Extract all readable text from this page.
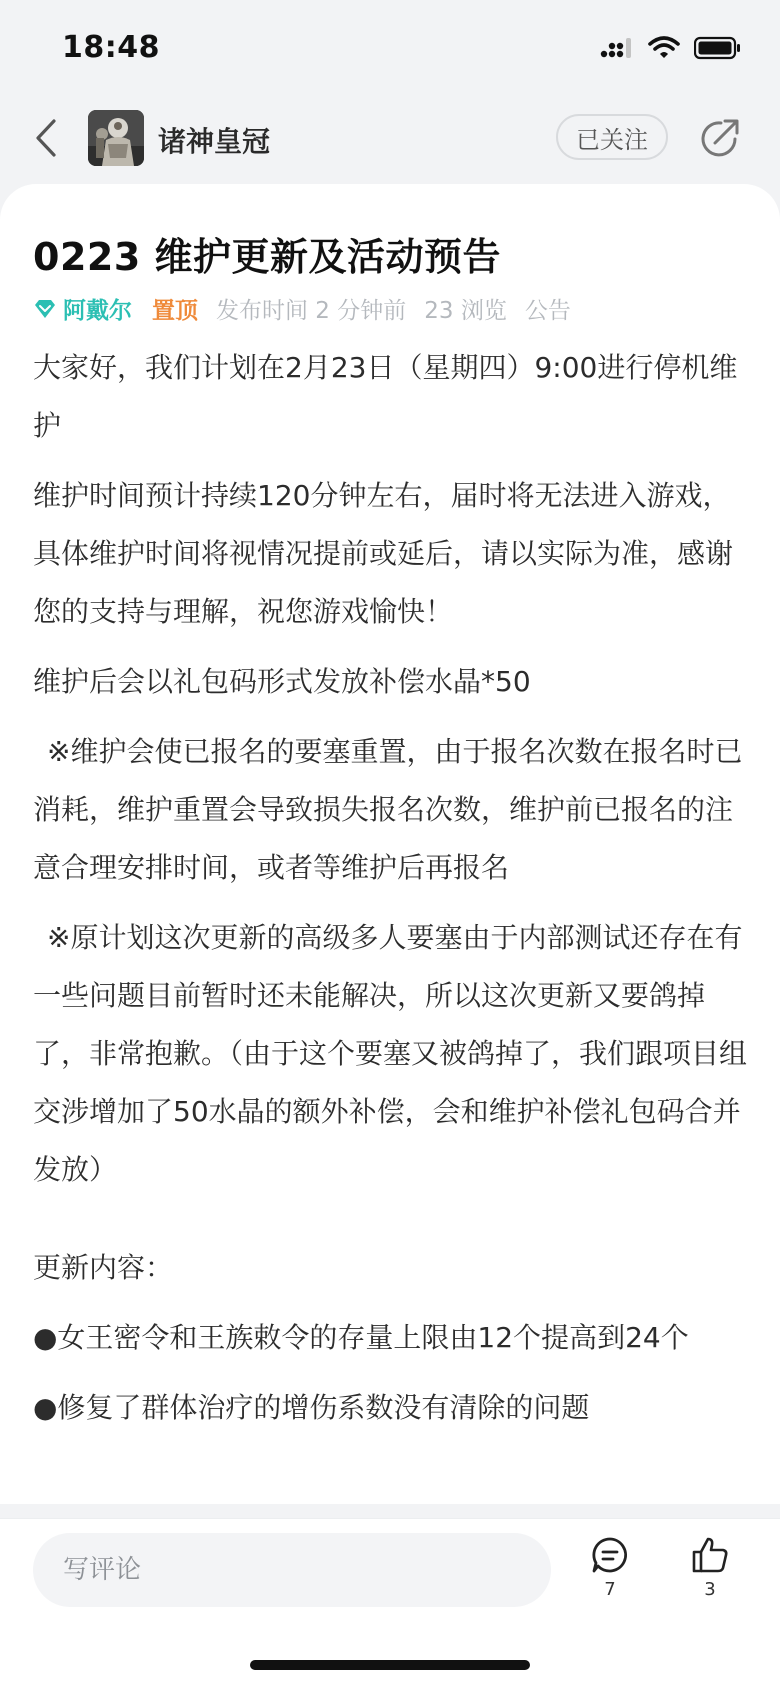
18:48
诸神皇冠	已关注
0223 维护更新及活动预告
阿戴尔 置顶 发布时间 2 分钟前 23 浏览 公告

大家好，我们计划在2月23日（星期四）9:00进行停机维护

维护时间预计持续120分钟左右，届时将无法进入游戏，具体维护时间将视情况提前或延后，请以实际为准，感谢您的支持与理解，祝您游戏愉快！

维护后会以礼包码形式发放补偿水晶*50

※维护会使已报名的要塞重置，由于报名次数在报名时已消耗，维护重置会导致损失报名次数，维护前已报名的注意合理安排时间，或者等维护后再报名

※原计划这次更新的高级多人要塞由于内部测试还存在有一些问题目前暂时还未能解决，所以这次更新又要鸽掉了，非常抱歉。（由于这个要塞又被鸽掉了，我们跟项目组交涉增加了50水晶的额外补偿，会和维护补偿礼包码合并发放）

更新内容：

●女王密令和王族敕令的存量上限由12个提高到24个

●修复了群体治疗的增伤系数没有清除的问题

写评论
7	3
